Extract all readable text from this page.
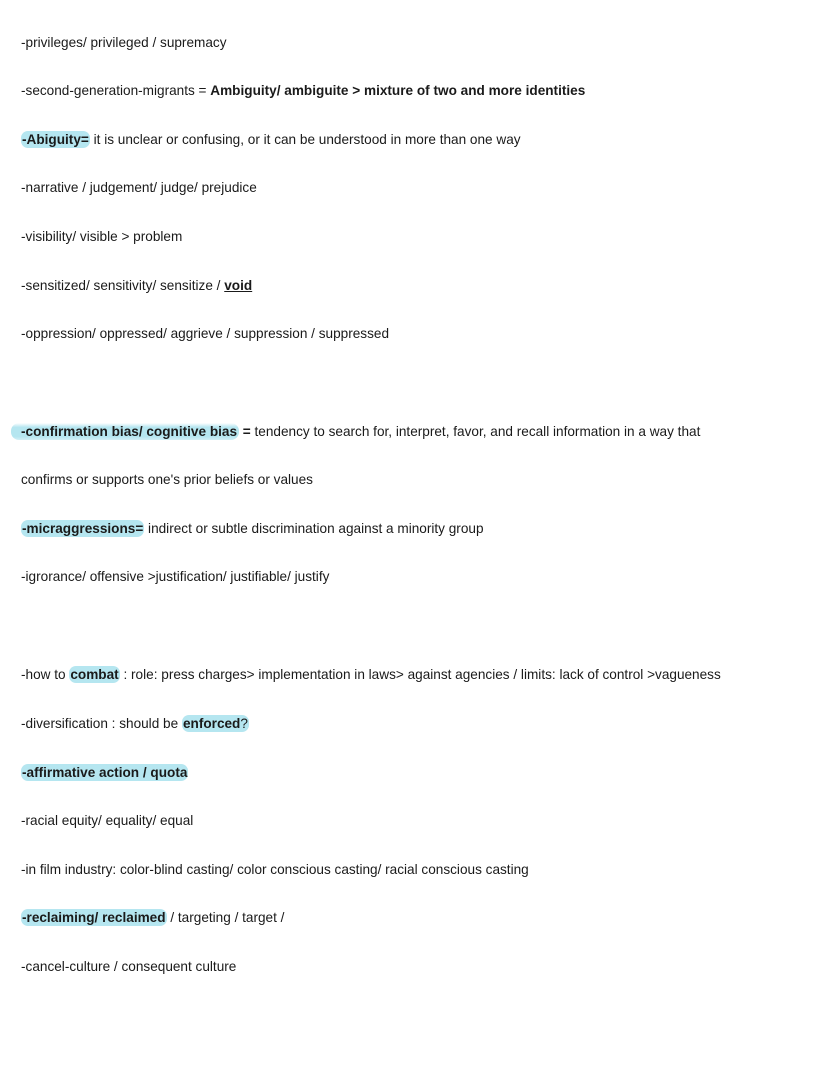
-privileges/ privileged / supremacy
-second-generation-migrants = Ambiguity/ ambiguite > mixture of two and more identities
-Abiguity= it is unclear or confusing, or it can be understood in more than one way
-narrative / judgement/ judge/ prejudice
-visibility/ visible > problem
-sensitized/ sensitivity/ sensitize / void
-oppression/ oppressed/ aggrieve / suppression / suppressed
-confirmation bias/ cognitive bias = tendency to search for, interpret, favor, and recall information in a way that
confirms or supports one's prior beliefs or values
-micraggressions= indirect or subtle discrimination against a minority group
-igrorance/ offensive >justification/ justifiable/ justify
-how to combat : role: press charges> implementation in laws> against agencies / limits: lack of control >vagueness
-diversification : should be enforced?
-affirmative action / quota
-racial equity/ equality/ equal
-in film industry: color-blind casting/ color conscious casting/ racial conscious casting
-reclaiming/ reclaimed / targeting / target /
-cancel-culture / consequent culture
